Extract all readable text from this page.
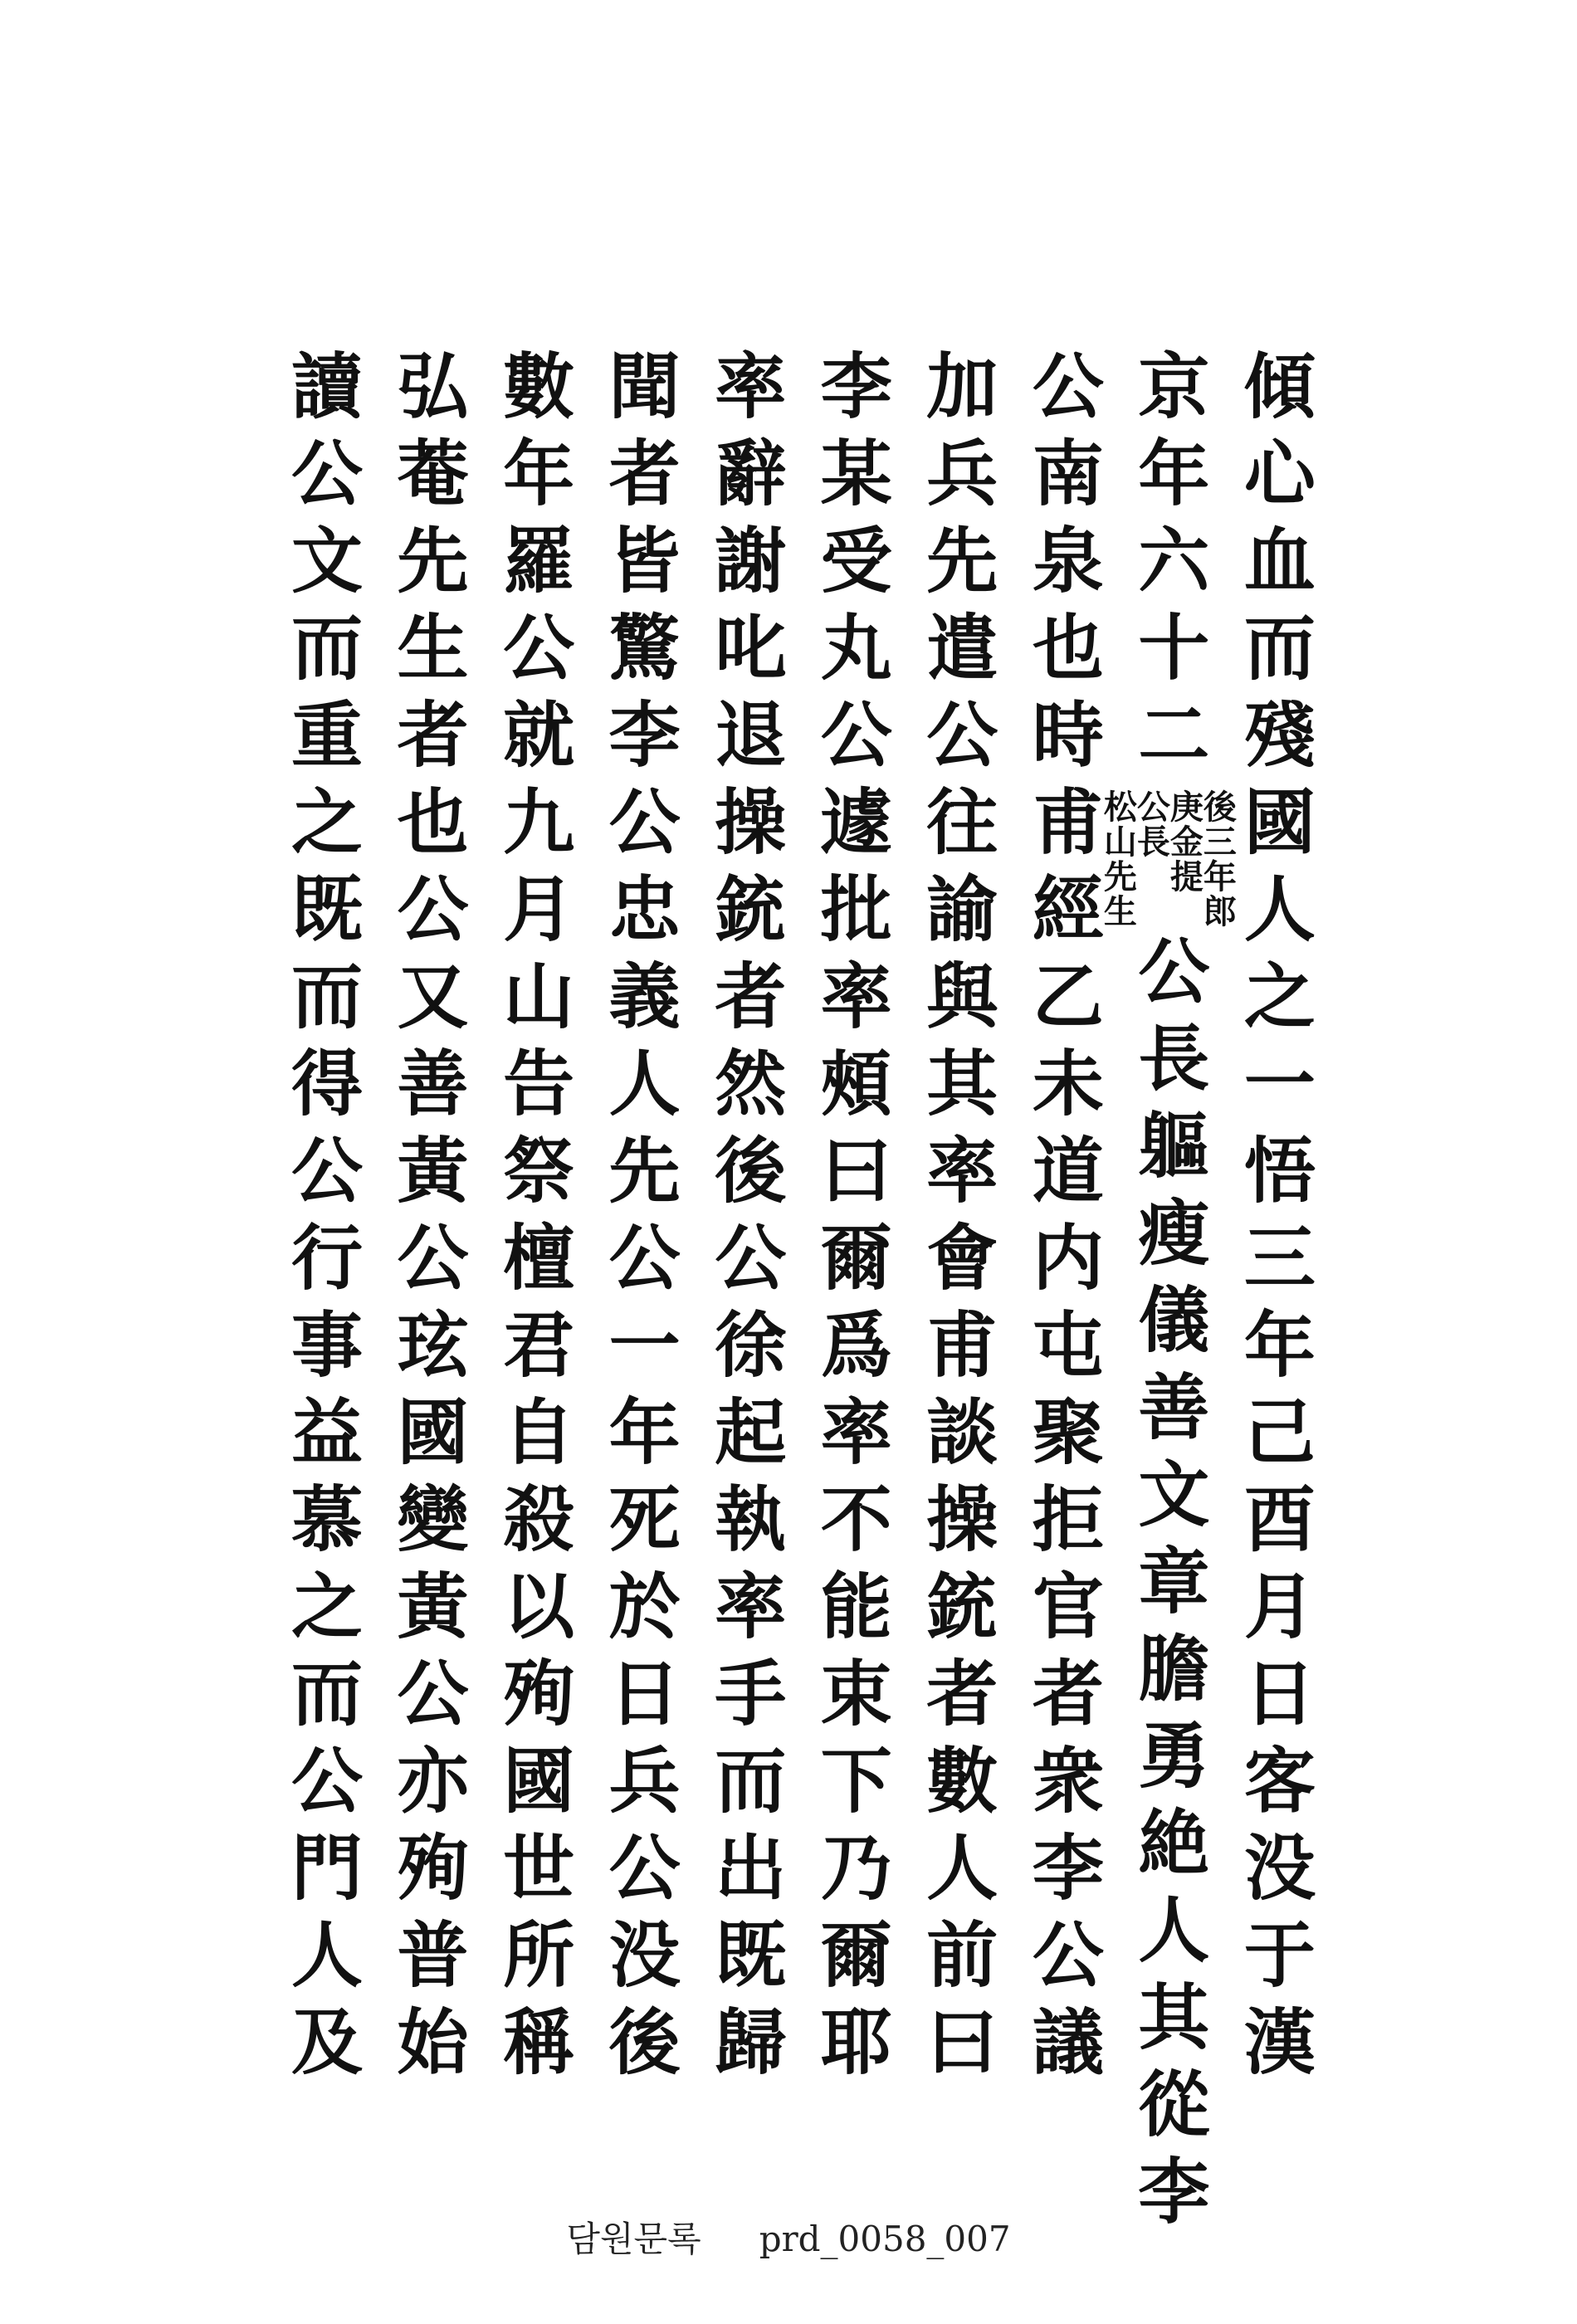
傾心血而殘國人之一悟三年己酉月日客没于漢
京年六十二
後三年郎
庚金提
公長
松山先生
公長軀瘦儀善文章膽勇絶人其從李
公南泉也時甫經乙未道内屯聚拒官者衆李公議
加兵先遣公往諭與其率會甫談操銃者數人前曰
李某受丸公遽批率頰曰爾爲率不能束下乃爾耶
率辭謝叱退操銃者然後公徐起執率手而出既歸
聞者皆驚李公忠義人先公一年死於日兵公没後
數年羅公就九月山告祭檀君自殺以殉國世所稱
弘菴先生者也公又善黃公玹國變黃公亦殉普始
讀公文而重之既而得公行事益慕之而公門人及
담원문록 prd_0058_007
